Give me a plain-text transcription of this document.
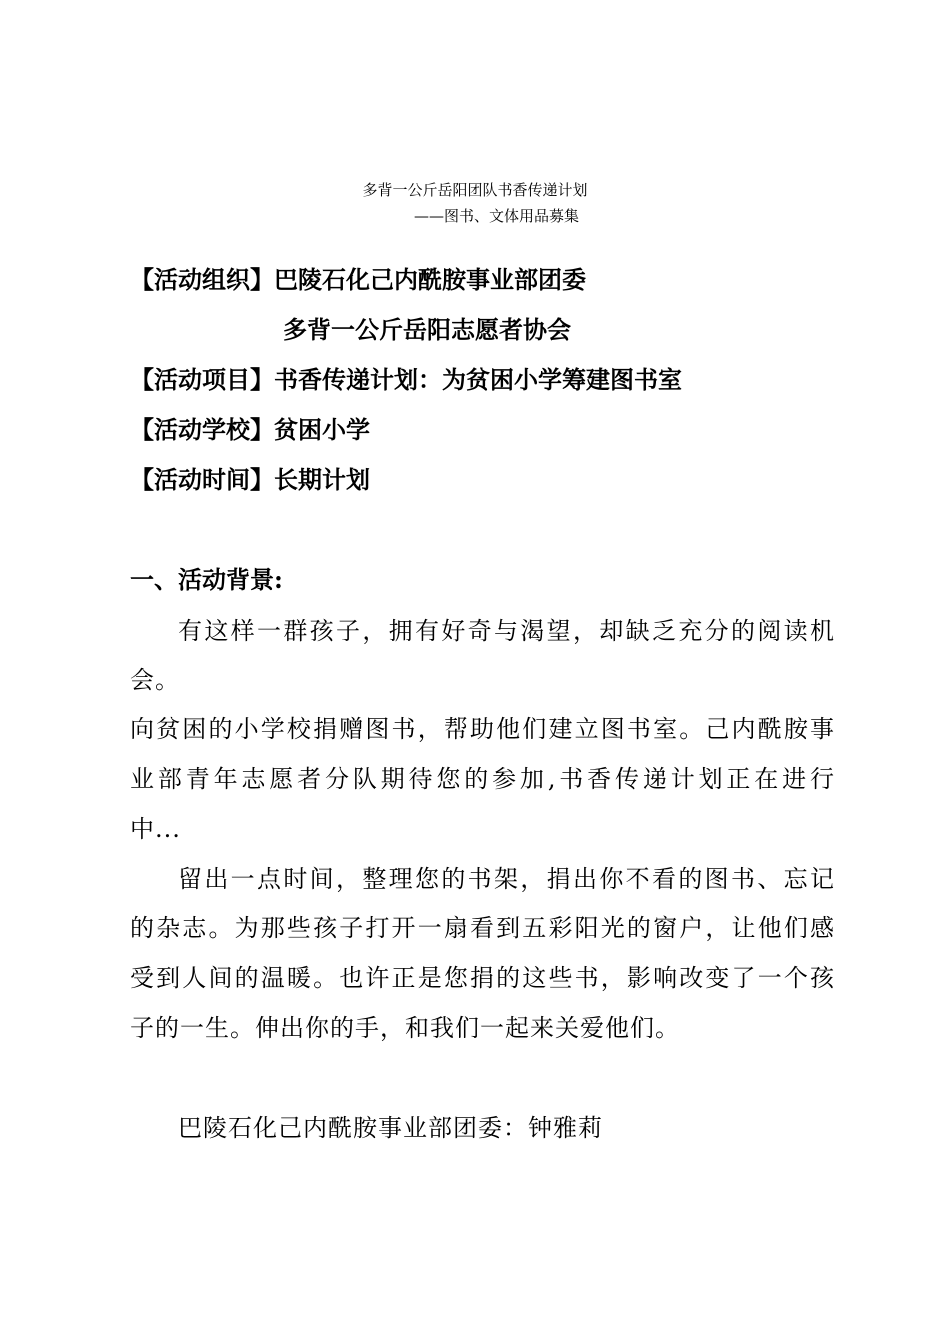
多背一公斤岳阳团队书香传递计划
——图书、文体用品募集
【活动组织】巴陵石化己内酰胺事业部团委
多背一公斤岳阳志愿者协会
【活动项目】书香传递计划：为贫困小学筹建图书室
【活动学校】贫困小学
【活动时间】长期计划
一、活动背景:
有这样一群孩子，拥有好奇与渴望，却缺乏充分的阅读机
会。
向贫困的小学校捐赠图书，帮助他们建立图书室。己内酰胺事
业部青年志愿者分队期待您的参加,书香传递计划正在进行
中...
留出一点时间，整理您的书架，捐出你不看的图书、忘记
的杂志。为那些孩子打开一扇看到五彩阳光的窗户，让他们感
受到人间的温暖。也许正是您捐的这些书，影响改变了一个孩
子的一生。伸出你的手，和我们一起来关爱他们。
巴陵石化己内酰胺事业部团委：钟雅莉
